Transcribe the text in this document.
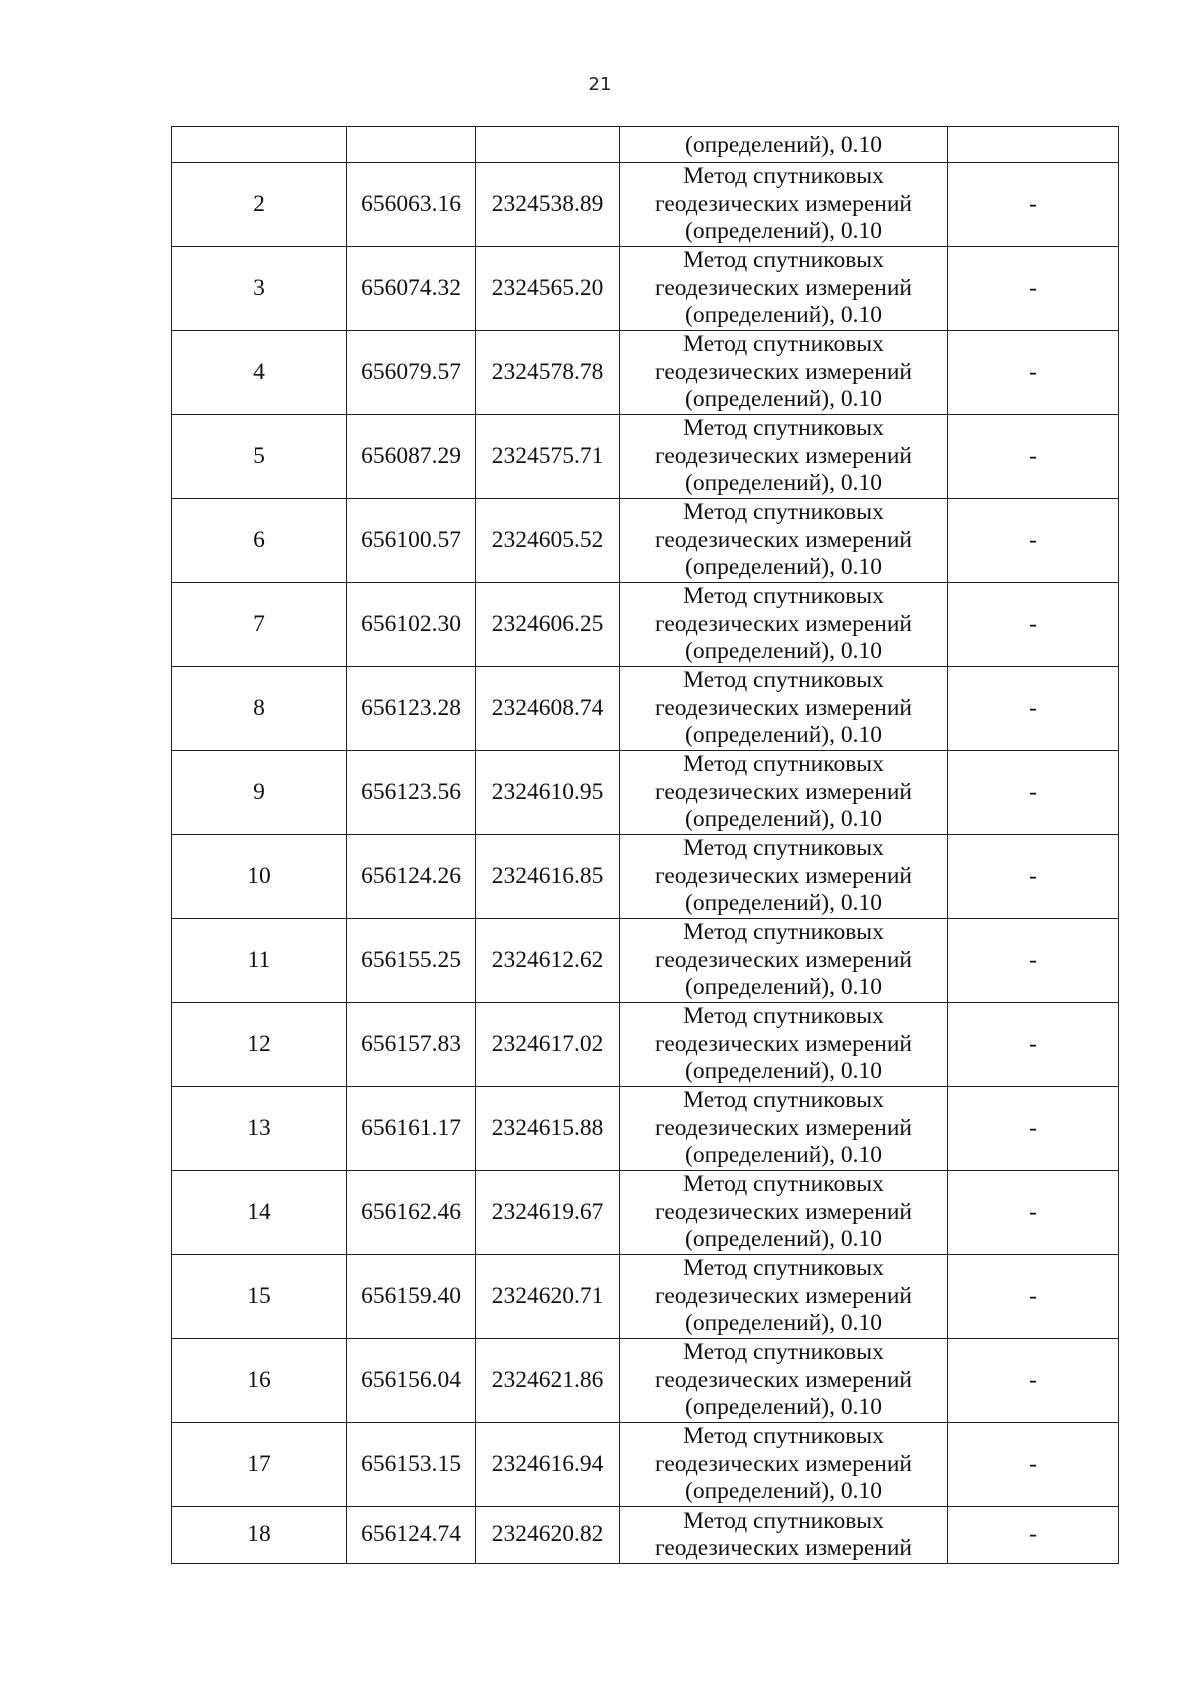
21

			(определений), 0.10	

2	656063.16	2324538.89	Метод спутниковых
геодезических измерений
(определений), 0.10	-
3	656074.32	2324565.20	Метод спутниковых
геодезических измерений
(определений), 0.10	-
4	656079.57	2324578.78	Метод спутниковых
геодезических измерений
(определений), 0.10	-
5	656087.29	2324575.71	Метод спутниковых
геодезических измерений
(определений), 0.10	-
6	656100.57	2324605.52	Метод спутниковых
геодезических измерений
(определений), 0.10	-
7	656102.30	2324606.25	Метод спутниковых
геодезических измерений
(определений), 0.10	-
8	656123.28	2324608.74	Метод спутниковых
геодезических измерений
(определений), 0.10	-
9	656123.56	2324610.95	Метод спутниковых
геодезических измерений
(определений), 0.10	-
10	656124.26	2324616.85	Метод спутниковых
геодезических измерений
(определений), 0.10	-
11	656155.25	2324612.62	Метод спутниковых
геодезических измерений
(определений), 0.10	-
12	656157.83	2324617.02	Метод спутниковых
геодезических измерений
(определений), 0.10	-
13	656161.17	2324615.88	Метод спутниковых
геодезических измерений
(определений), 0.10	-
14	656162.46	2324619.67	Метод спутниковых
геодезических измерений
(определений), 0.10	-
15	656159.40	2324620.71	Метод спутниковых
геодезических измерений
(определений), 0.10	-
16	656156.04	2324621.86	Метод спутниковых
геодезических измерений
(определений), 0.10	-
17	656153.15	2324616.94	Метод спутниковых
геодезических измерений
(определений), 0.10	-
18	656124.74	2324620.82	Метод спутниковых
геодезических измерений	-
